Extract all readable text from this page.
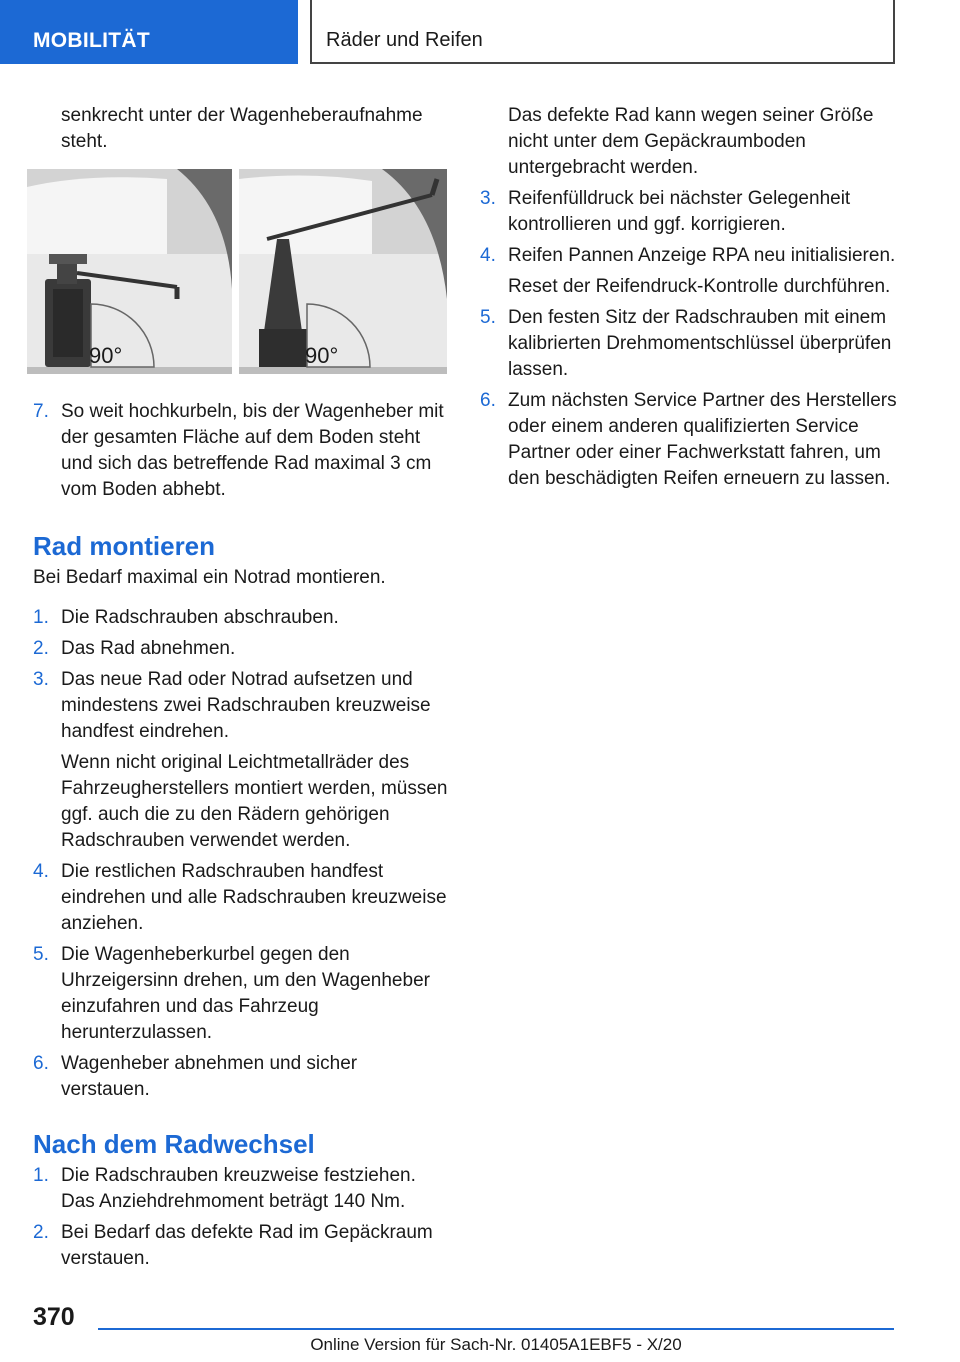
MOBILITÄT	Räder und Reifen

senkrecht unter der Wagenheberaufnahme steht.

90°	90°
7. So weit hochkurbeln, bis der Wagenheber mit der gesamten Fläche auf dem Boden steht und sich das betreffende Rad maximal 3 cm vom Boden abhebt.

Rad montieren

Bei Bedarf maximal ein Notrad montieren.

1. Die Radschrauben abschrauben.

2. Das Rad abnehmen.

3. Das neue Rad oder Notrad aufsetzen und mindestens zwei Radschrauben kreuzweise handfest eindrehen.

Wenn nicht original Leichtmetallräder des Fahrzeugherstellers montiert werden, müssen ggf. auch die zu den Rädern gehörigen Radschrauben verwendet werden.

4. Die restlichen Radschrauben handfest eindrehen und alle Radschrauben kreuzweise anziehen.

5. Die Wagenheberkurbel gegen den Uhrzeigersinn drehen, um den Wagenheber einzufahren und das Fahrzeug herunterzulassen.

6. Wagenheber abnehmen und sicher verstauen.

Nach dem Radwechsel
1. Die Radschrauben kreuzweise festziehen. Das Anziehdrehmoment beträgt 140 Nm.

2. Bei Bedarf das defekte Rad im Gepäckraum verstauen.

Das defekte Rad kann wegen seiner Größe nicht unter dem Gepäckraumboden untergebracht werden.

3. Reifenfülldruck bei nächster Gelegenheit kontrollieren und ggf. korrigieren.

4. Reifen Pannen Anzeige RPA neu initialisieren.

Reset der Reifendruck-Kontrolle durchführen.

5. Den festen Sitz der Radschrauben mit einem kalibrierten Drehmomentschlüssel überprüfen lassen.

6. Zum nächsten Service Partner des Herstellers oder einem anderen qualifizierten Service Partner oder einer Fachwerkstatt fahren, um den beschädigten Reifen erneuern zu lassen.

370
Online Version für Sach-Nr. 01405A1EBF5 - X/20
